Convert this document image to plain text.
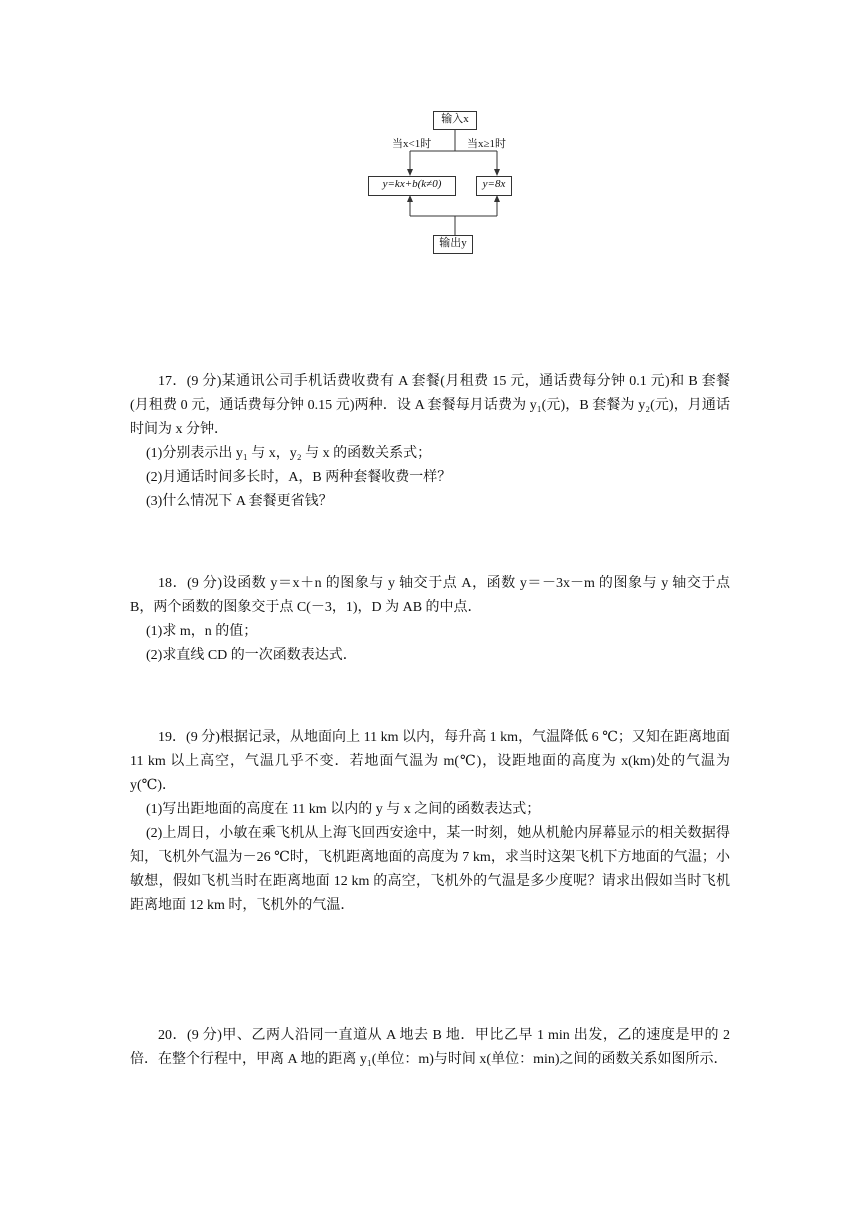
输入x
当x<1时	当x≥1时
y=kx+b(k≠0)	y=8x
输出y

17．(9 分)某通讯公司手机话费收费有 A 套餐(月租费 15 元，通话费每分钟 0.1 元)和 B 套餐(月租费 0 元，通话费每分钟 0.15 元)两种．设 A 套餐每月话费为 y₁(元)，B 套餐为 y₂(元)，月通话时间为 x 分钟．

(1)分别表示出 y₁ 与 x，y₂ 与 x 的函数关系式；

(2)月通话时间多长时，A，B 两种套餐收费一样？

(3)什么情况下 A 套餐更省钱？

18．(9 分)设函数 y＝x＋n 的图象与 y 轴交于点 A，函数 y＝－3x－m 的图象与 y 轴交于点 B，两个函数的图象交于点 C(－3，1)，D 为 AB 的中点．

(1)求 m，n 的值；

(2)求直线 CD 的一次函数表达式．

19．(9 分)根据记录，从地面向上 11 km 以内，每升高 1 km，气温降低 6 ℃；又知在距离地面 11 km 以上高空，气温几乎不变．若地面气温为 m(℃)，设距地面的高度为 x(km)处的气温为 y(℃)．

(1)写出距地面的高度在 11 km 以内的 y 与 x 之间的函数表达式；

(2)上周日，小敏在乘飞机从上海飞回西安途中，某一时刻，她从机舱内屏幕显示的相关数据得知，飞机外气温为－26 ℃时，飞机距离地面的高度为 7 km，求当时这架飞机下方地面的气温；小敏想，假如飞机当时在距离地面 12 km 的高空，飞机外的气温是多少度呢？请求出假如当时飞机距离地面 12 km 时，飞机外的气温．

20．(9 分)甲、乙两人沿同一直道从 A 地去 B 地．甲比乙早 1 min 出发，乙的速度是甲的 2 倍．在整个行程中，甲离 A 地的距离 y₁(单位：m)与时间 x(单位：min)之间的函数关系如图所示．
